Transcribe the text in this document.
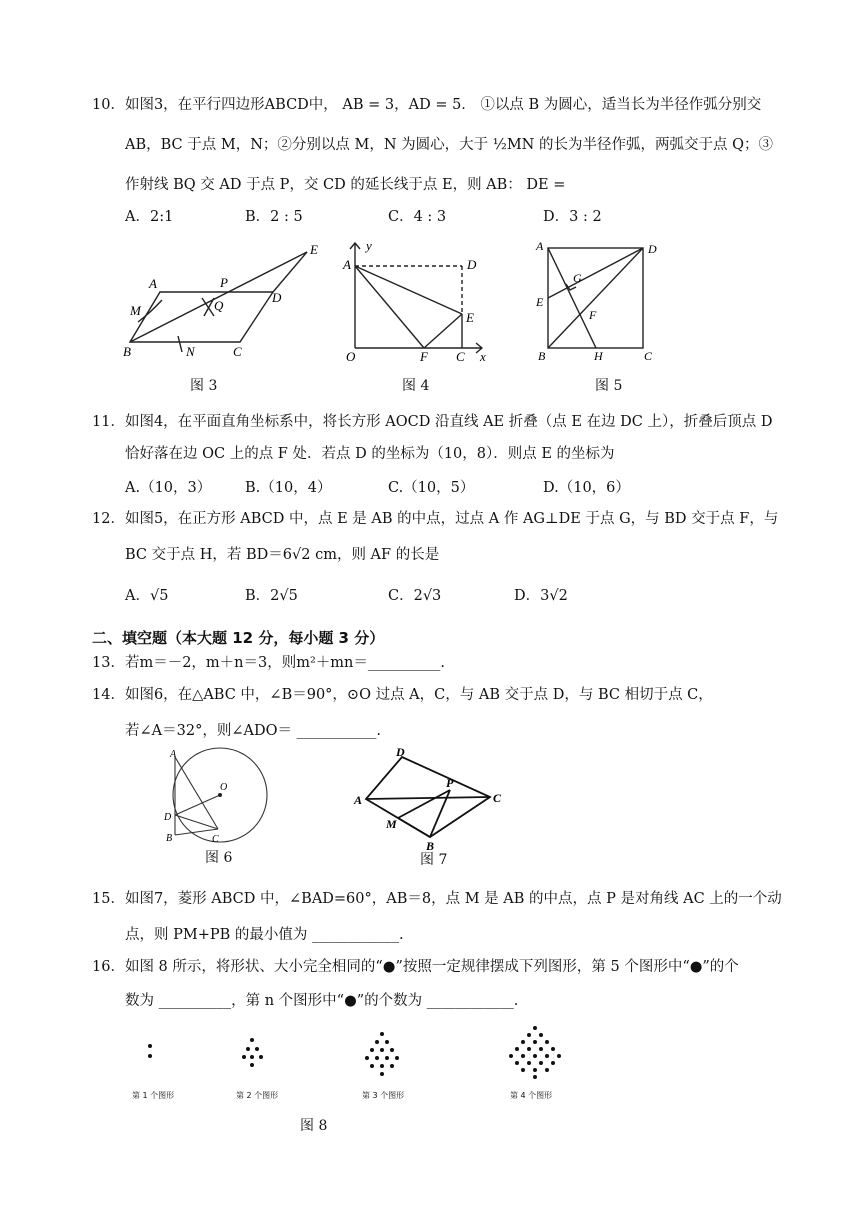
10．如图3，在平行四边形ABCD中， AB = 3，AD = 5． ①以点 B 为圆心，适当长为半径作弧分别交
AB，BC 于点 M，N；②分别以点 M，N 为圆心，大于 ½MN 的长为半径作弧，两弧交于点 Q；③
作射线 BQ 交 AD 于点 P，交 CD 的延长线于点 E，则 AB： DE =
A．2:1	B．2 : 5	C．4 : 3	D．3 : 2
E
A	P
D
M	Q
B	N	C
图 3
y
A	D
E
O	F C x
图 4
A	D
G
E
F
B	H	C
图 5
11．如图4，在平面直角坐标系中，将长方形 AOCD 沿直线 AE 折叠（点 E 在边 DC 上），折叠后顶点 D
恰好落在边 OC 上的点 F 处．若点 D 的坐标为（10，8）．则点 E 的坐标为
A.（10，3） B.（10，4）	C.（10，5）	D.（10，6）
12．如图5，在正方形 ABCD 中，点 E 是 AB 的中点，过点 A 作 AG⊥DE 于点 G，与 BD 交于点 F，与
BC 交于点 H，若 BD＝6√2 cm，则 AF 的长是
A．√5	B．2√5	C．2√3	D．3√2
二、填空题（本大题 12 分，每小题 3 分）
13．若m＝－2，m＋n＝3，则m²＋mn＝__________.
14．如图6，在△ABC 中，∠B＝90°，⊙O 过点 A，C，与 AB 交于点 D，与 BC 相切于点 C，
若∠A＝32°，则∠ADO＝ ___________.
A
O
D
B	C
图 6
D
A
P
C
M
B
图 7
15．如图7，菱形 ABCD 中，∠BAD=60°，AB＝8，点 M 是 AB 的中点，点 P 是对角线 AC 上的一个动
点，则 PM+PB 的最小值为 ____________.
16．如图 8 所示，将形状、大小完全相同的“●”按照一定规律摆成下列图形，第 5 个图形中“●”的个
数为 __________，第 n 个图形中“●”的个数为 ____________.
第 1 个图形	第 2 个图形	第 3 个图形	第 4 个图形
图 8
